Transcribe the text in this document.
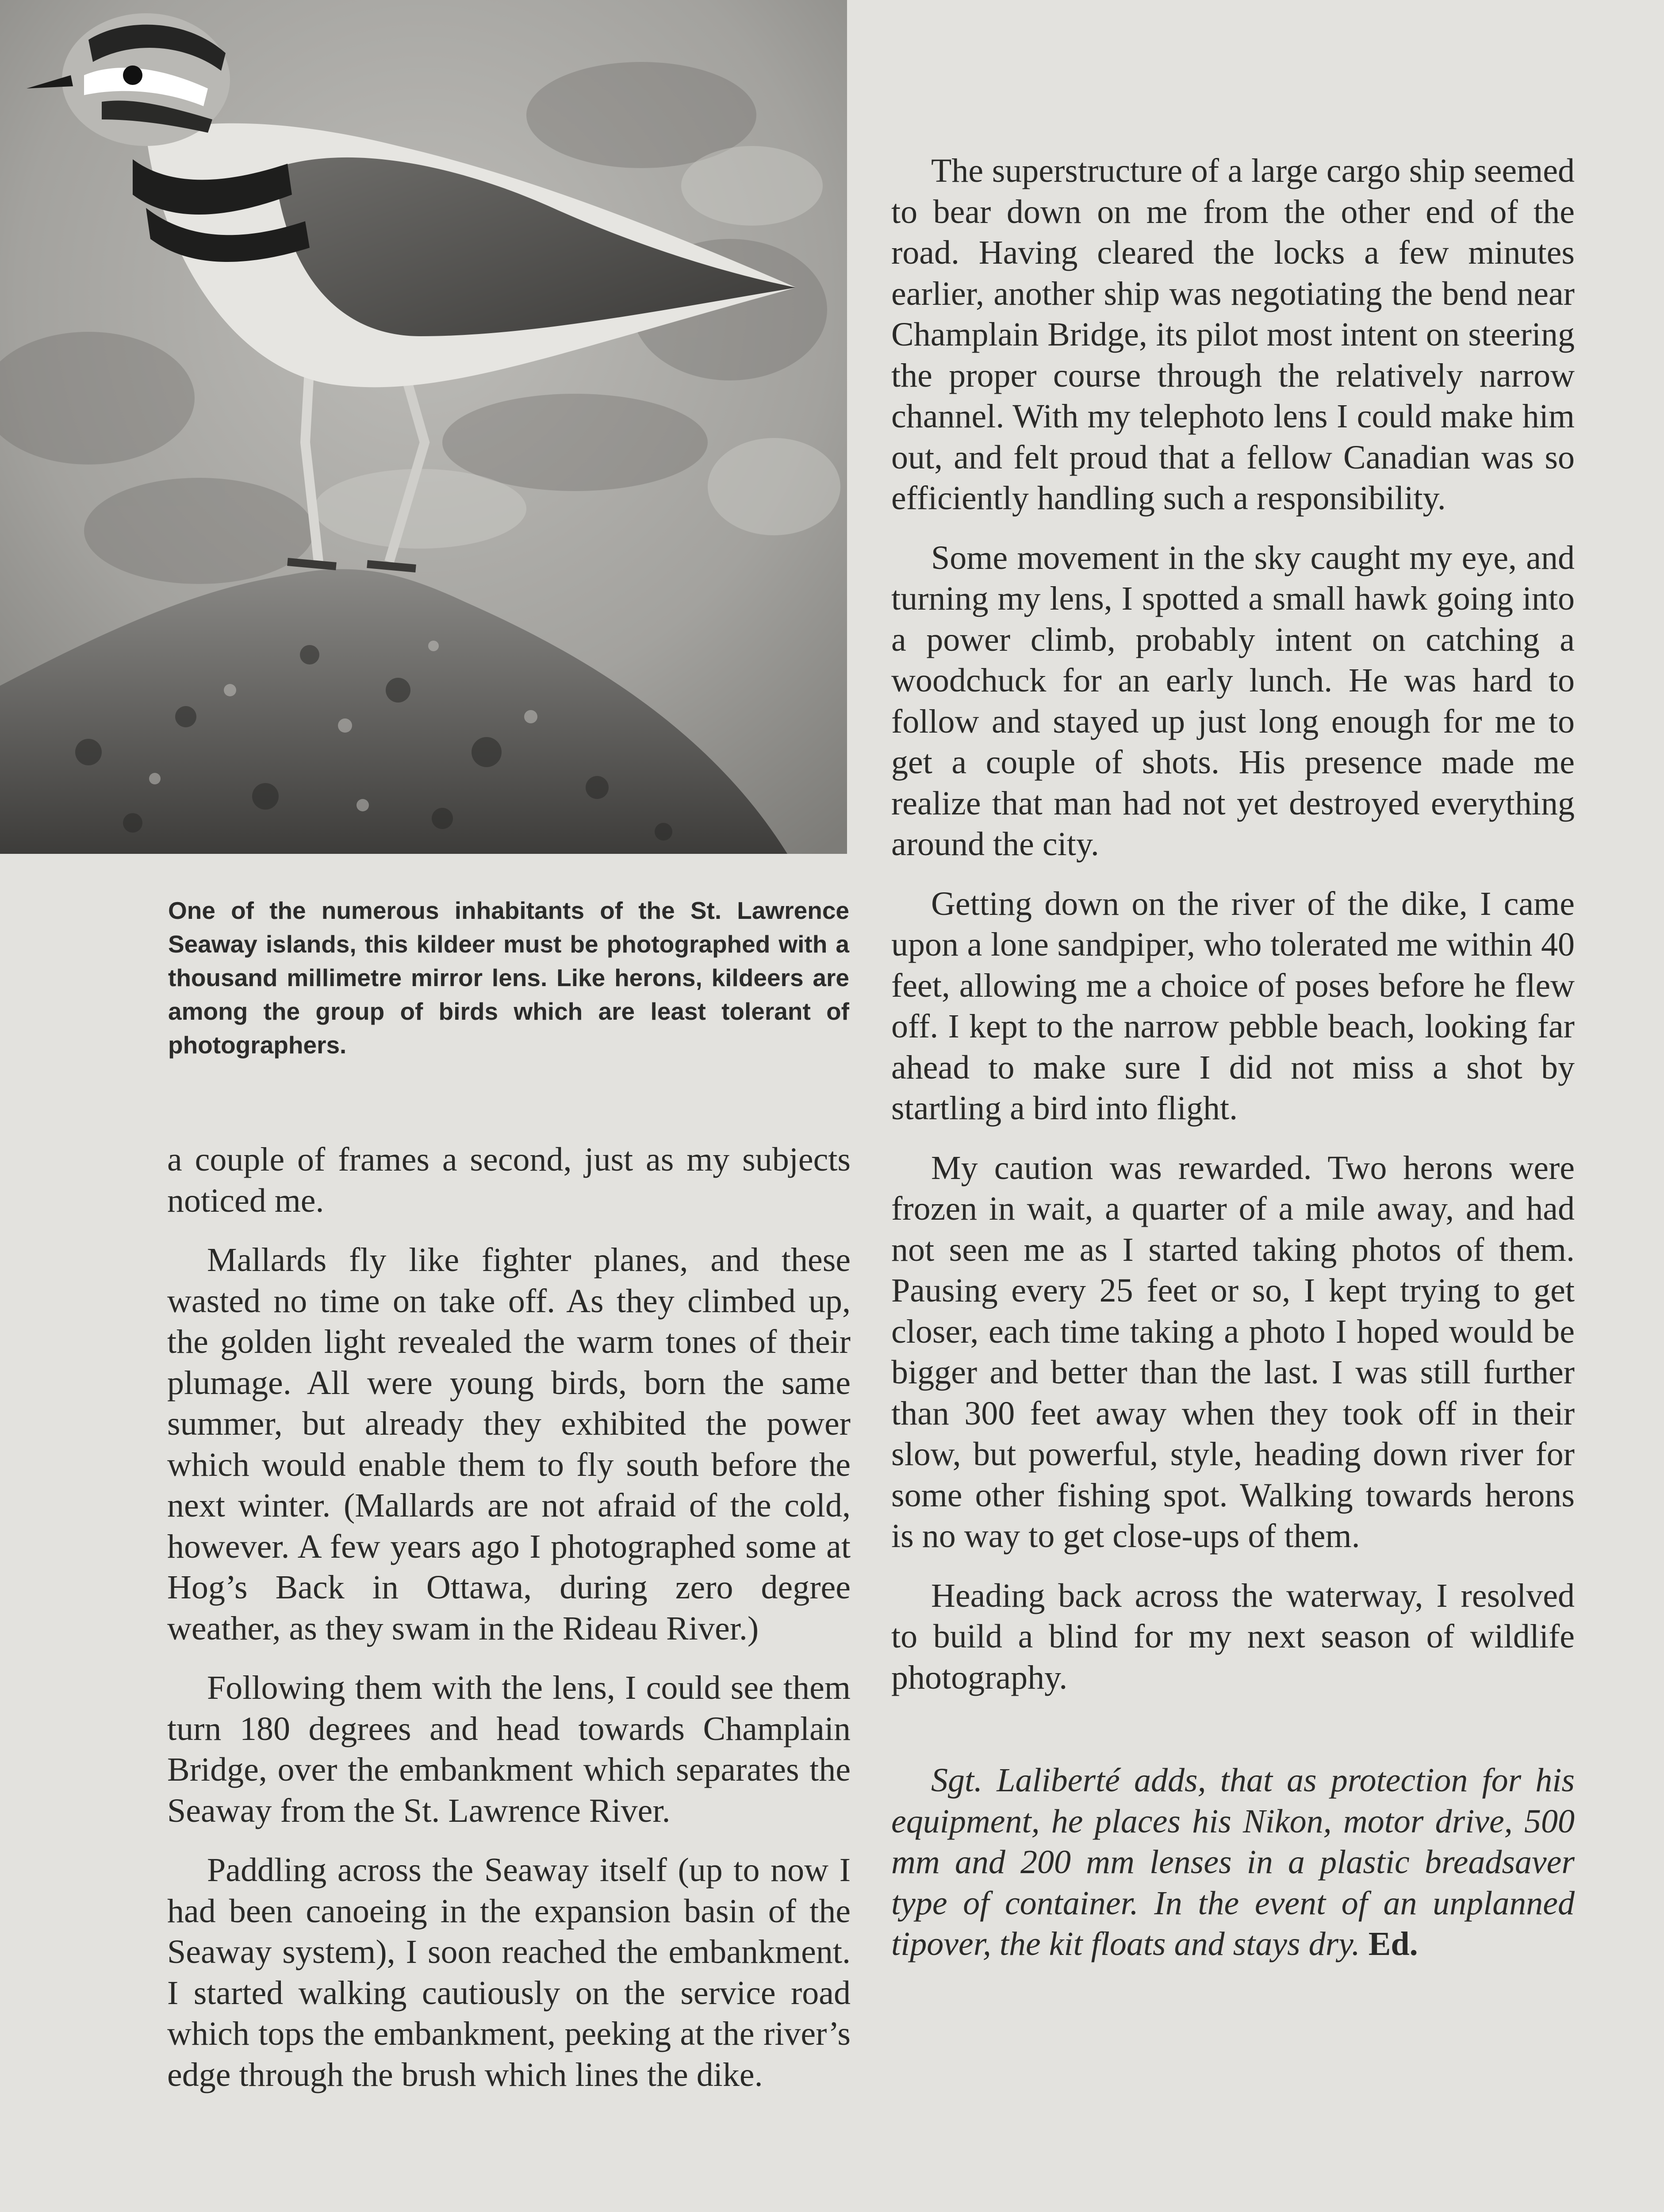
One of the numerous inhabitants of the St. Lawrence Seaway islands, this kildeer must be photographed with a thousand millimetre mirror lens. Like herons, kildeers are among the group of birds which are least tolerant of photographers.

a couple of frames a second, just as my subjects noticed me.

Mallards fly like fighter planes, and these wasted no time on take off. As they climbed up, the golden light revealed the warm tones of their plumage. All were young birds, born the same summer, but already they exhibited the power which would enable them to fly south before the next winter. (Mallards are not afraid of the cold, however. A few years ago I photographed some at Hog’s Back in Ottawa, during zero degree weather, as they swam in the Rideau River.)

Following them with the lens, I could see them turn 180 degrees and head towards Champlain Bridge, over the embankment which separates the Seaway from the St. Lawrence River.

Paddling across the Seaway itself (up to now I had been canoeing in the expansion basin of the Seaway system), I soon reached the embankment. I started walking cautiously on the service road which tops the embankment, peeking at the river’s edge through the brush which lines the dike.

The superstructure of a large cargo ship seemed to bear down on me from the other end of the road. Having cleared the locks a few minutes earlier, another ship was negotiating the bend near Champlain Bridge, its pilot most intent on steering the proper course through the relatively narrow channel. With my telephoto lens I could make him out, and felt proud that a fellow Canadian was so efficiently handling such a responsibility.

Some movement in the sky caught my eye, and turning my lens, I spotted a small hawk going into a power climb, probably intent on catching a woodchuck for an early lunch. He was hard to follow and stayed up just long enough for me to get a couple of shots. His presence made me realize that man had not yet destroyed everything around the city.

Getting down on the river of the dike, I came upon a lone sandpiper, who tolerated me within 40 feet, allowing me a choice of poses before he flew off. I kept to the narrow pebble beach, looking far ahead to make sure I did not miss a shot by startling a bird into flight.

My caution was rewarded. Two herons were frozen in wait, a quarter of a mile away, and had not seen me as I started taking photos of them. Pausing every 25 feet or so, I kept trying to get closer, each time taking a photo I hoped would be bigger and better than the last. I was still further than 300 feet away when they took off in their slow, but powerful, style, heading down river for some other fishing spot. Walking towards herons is no way to get close-ups of them.

Heading back across the waterway, I resolved to build a blind for my next season of wildlife photography.

Sgt. Laliberté adds, that as protection for his equipment, he places his Nikon, motor drive, 500 mm and 200 mm lenses in a plastic breadsaver type of container. In the event of an unplanned tipover, the kit floats and stays dry. Ed.
